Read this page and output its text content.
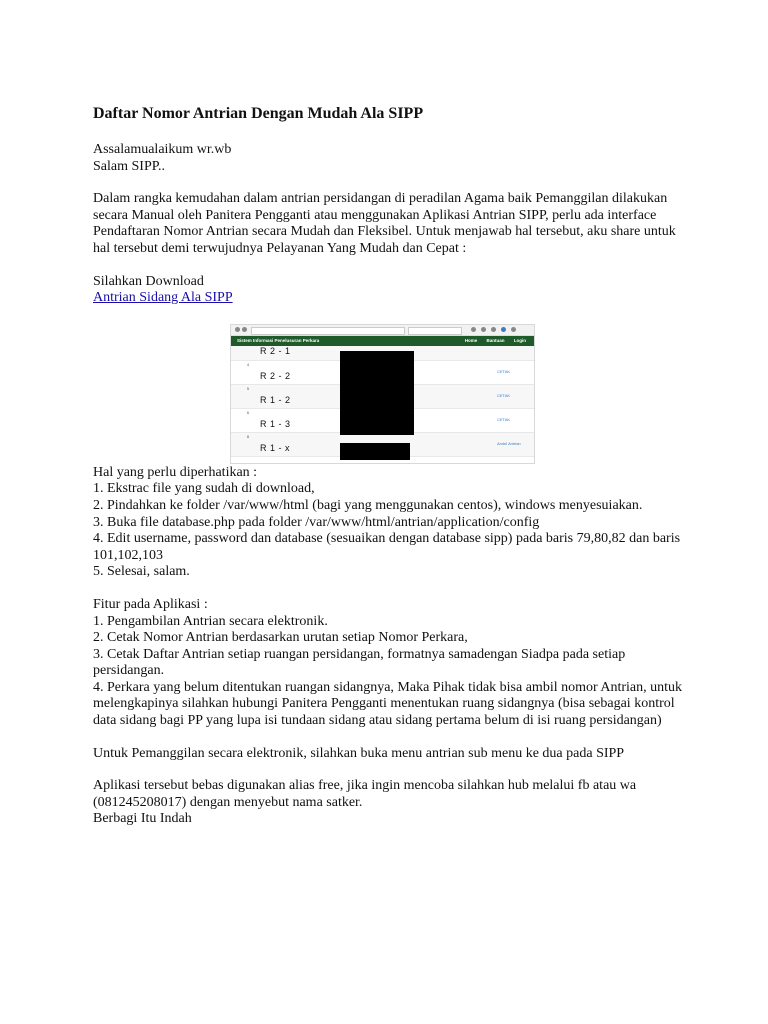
Daftar Nomor Antrian Dengan Mudah Ala SIPP

Assalamualaikum wr.wb

Salam SIPP..

Dalam rangka kemudahan dalam antrian persidangan di peradilan Agama baik Pemanggilan dilakukan secara Manual oleh Panitera Pengganti atau menggunakan Aplikasi Antrian SIPP, perlu ada interface Pendaftaran Nomor Antrian secara Mudah dan Fleksibel. Untuk menjawab hal tersebut, aku share untuk hal tersebut demi terwujudnya Pelayanan Yang Mudah dan Cepat :

Silahkan Download

Antrian Sidang Ala SIPP

Hal yang perlu diperhatikan :

1. Ekstrac file yang sudah di download,

2. Pindahkan ke folder /var/www/html (bagi yang menggunakan centos), windows menyesuiakan.

3. Buka file database.php pada folder /var/www/html/antrian/application/config

4. Edit username, password dan database (sesuaikan dengan database sipp) pada baris 79,80,82 dan baris 101,102,103

5. Selesai, salam.

Fitur pada Aplikasi :

1. Pengambilan Antrian secara elektronik.

2. Cetak Nomor Antrian berdasarkan urutan setiap Nomor Perkara,

3. Cetak Daftar Antrian setiap ruangan persidangan, formatnya samadengan Siadpa pada setiap persidangan.

4. Perkara yang belum ditentukan ruangan sidangnya, Maka Pihak tidak bisa ambil nomor Antrian, untuk melengkapinya silahkan hubungi Panitera Pengganti menentukan ruang sidangnya (bisa sebagai kontrol data sidang bagi PP yang lupa isi tundaan sidang atau sidang pertama belum di isi ruang persidangan)

Untuk Pemanggilan secara elektronik, silahkan buka menu antrian sub menu ke dua pada SIPP

Aplikasi tersebut bebas digunakan alias free, jika ingin mencoba silahkan hub melalui fb atau wa (081245208017) dengan menyebut nama satker.

Berbagi Itu Indah

Sistem Informasi Penelusuran Perkara	Home Bantuan Login
R 2 - 1
4
R 2 - 2	CETAK
5
R 1 - 2	CETAK
6
R 1 - 3	CETAK
8
R 1 - x	Ambil Antrian
